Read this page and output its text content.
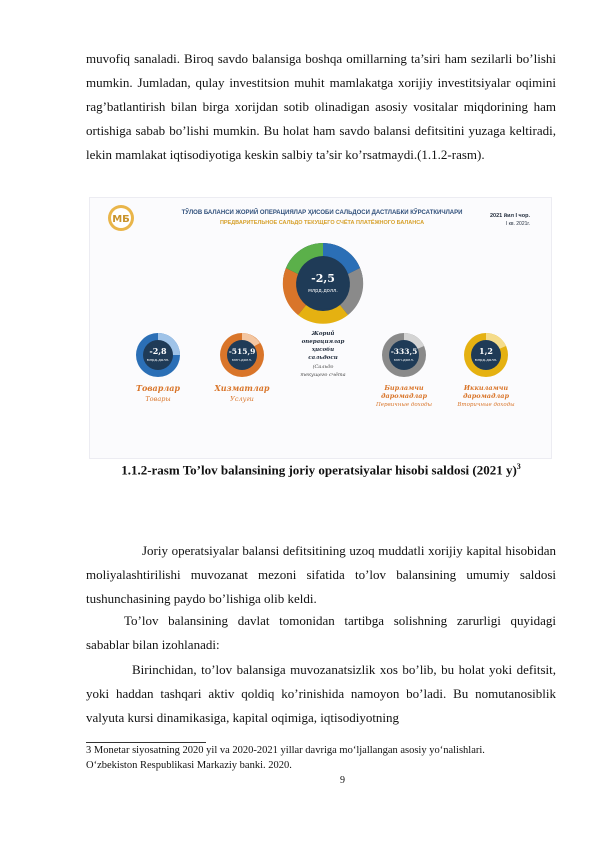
muvofiq sanaladi. Biroq savdo balansiga boshqa omillarning ta’siri ham sezilarli bo’lishi mumkin. Jumladan, qulay investitsion muhit mamlakatga xorijiy investitsiyalar oqimini rag’batlantirish bilan birga xorijdan sotib olinadigan asosiy vositalar miqdorining ham ortishiga sabab bo’lishi mumkin. Bu holat ham savdo balansi defitsitini yuzaga keltiradi, lekin mamlakat iqtisodiyotiga keskin salbiy ta’sir ko’rsatmaydi.(1.1.2-rasm).
МБ
ТЎЛОВ БАЛАНСИ ЖОРИЙ ОПЕРАЦИЯЛАР ҲИСОБИ САЛЬДОСИ ДАСТЛАБКИ КЎРСАТКИЧЛАРИ
ПРЕДВАРИТЕЛЬНОЕ САЛЬДО ТЕКУЩЕГО СЧЁТА ПЛАТЁЖНОГО БАЛАНСА
2021 йил I чор.
I кв. 2021г.
-2,5
млрд.долл.
Жорий
операциялар
ҳисоби
сальдоси
(Сальдо
текущего счёта
-2,8
млрд.долл.
Товарлар
Товары
-515,9
млн.долл.
Хизматлар
Услуги
-333,5
млн.долл.
Бирламчи
даромадлар
Первичные доходы
1,2
млрд.долл.
Иккиламчи
даромадлар
Вторичные доходы
1.1.2-rasm To’lov balansining joriy operatsiyalar hisobi saldosi (2021 y)$^3$
Joriy operatsiyalar balansi defitsitining uzoq muddatli xorijiy kapital hisobidan moliyalashtirilishi muvozanat mezoni sifatida to’lov balansining umumiy saldosi tushunchasining paydo bo’lishiga olib keldi.
To’lov balansining davlat tomonidan tartibga solishning zarurligi quyidagi sabablar bilan izohlanadi:
Birinchidan, to’lov balansiga muvozanatsizlik xos bo’lib, bu holat yoki defitsit, yoki haddan tashqari aktiv qoldiq ko’rinishida namoyon bo’ladi. Bu nomutanosiblik valyuta kursi dinamikasiga, kapital oqimiga, iqtisodiyotning
3 Monetar siyosatning 2020 yil va 2020-2021 yillar davriga mo‘ljallangan asosiy yo‘nalishlari.
O‘zbekiston Respublikasi Markaziy banki. 2020.
9
